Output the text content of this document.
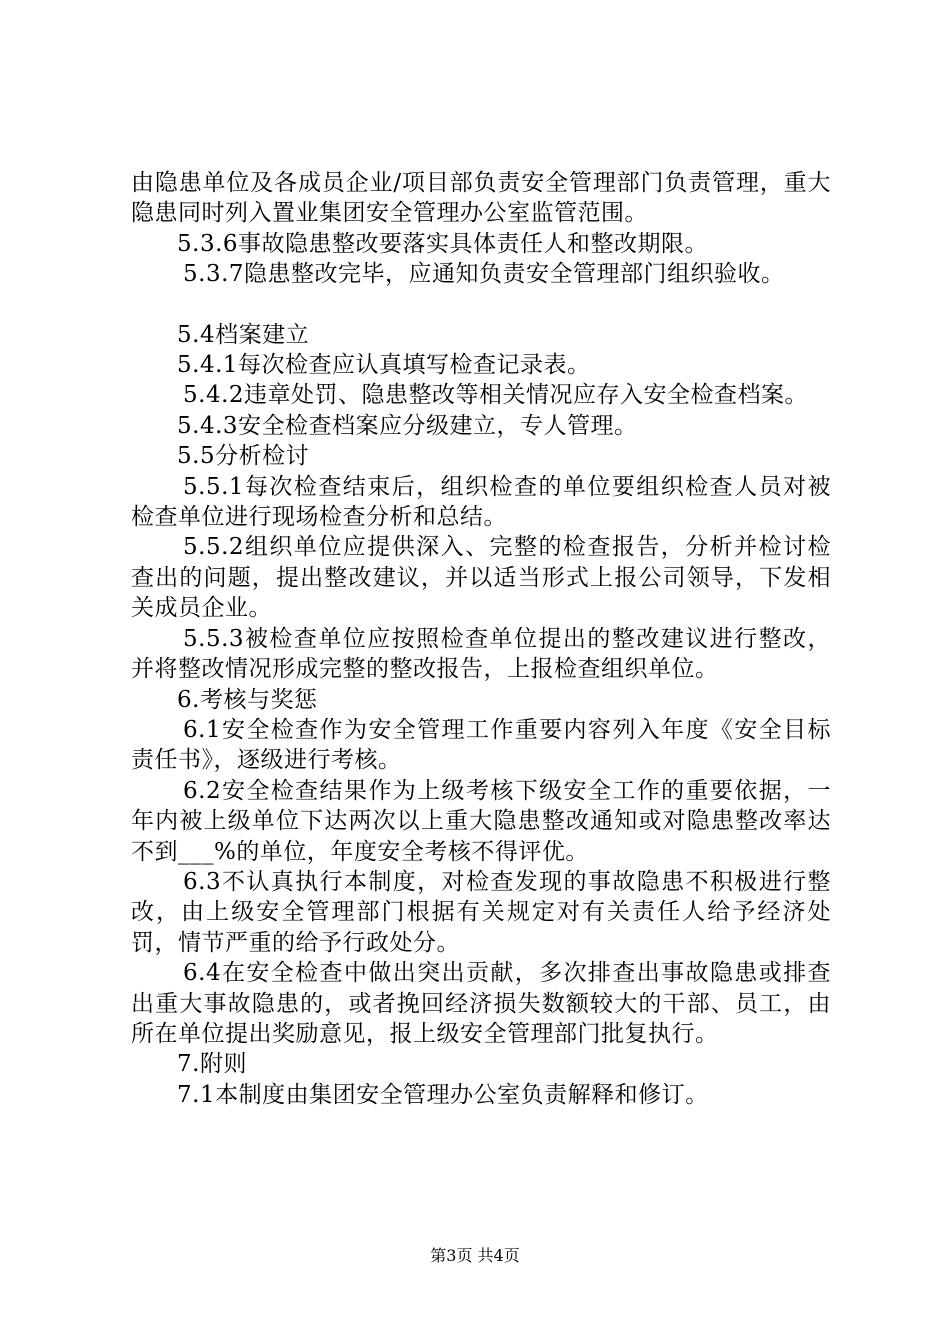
由隐患单位及各成员企业/项目部负责安全管理部门负责管理，重大隐患同时列入置业集团安全管理办公室监管范围。

5.3.6事故隐患整改要落实具体责任人和整改期限。

5.3.7隐患整改完毕，应通知负责安全管理部门组织验收。

5.4档案建立

5.4.1每次检查应认真填写检查记录表。

5.4.2违章处罚、隐患整改等相关情况应存入安全检查档案。

5.4.3安全检查档案应分级建立，专人管理。

5.5分析检讨

5.5.1每次检查结束后，组织检查的单位要组织检查人员对被检查单位进行现场检查分析和总结。

5.5.2组织单位应提供深入、完整的检查报告，分析并检讨检查出的问题，提出整改建议，并以适当形式上报公司领导，下发相关成员企业。

5.5.3被检查单位应按照检查单位提出的整改建议进行整改，并将整改情况形成完整的整改报告，上报检查组织单位。

6.考核与奖惩

6.1安全检查作为安全管理工作重要内容列入年度《安全目标责任书》，逐级进行考核。

6.2安全检查结果作为上级考核下级安全工作的重要依据，一年内被上级单位下达两次以上重大隐患整改通知或对隐患整改率达不到___%的单位，年度安全考核不得评优。

6.3不认真执行本制度，对检查发现的事故隐患不积极进行整改，由上级安全管理部门根据有关规定对有关责任人给予经济处罚，情节严重的给予行政处分。

6.4在安全检查中做出突出贡献，多次排查出事故隐患或排查出重大事故隐患的，或者挽回经济损失数额较大的干部、员工，由所在单位提出奖励意见，报上级安全管理部门批复执行。

7.附则

7.1本制度由集团安全管理办公室负责解释和修订。

第3页 共4页
